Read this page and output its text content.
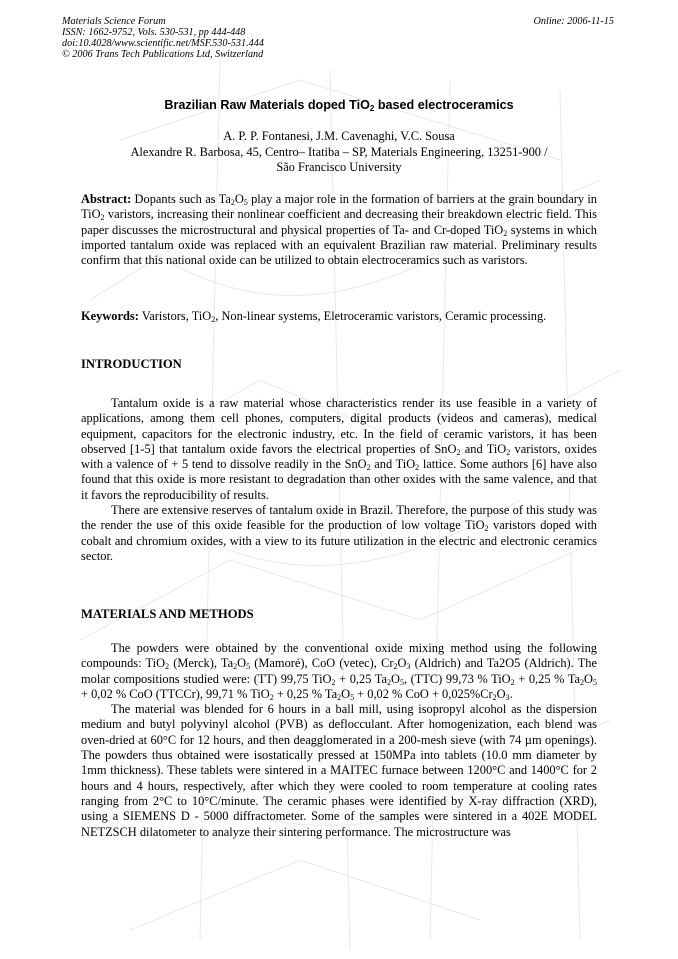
Materials Science Forum
ISSN: 1662-9752, Vols. 530-531, pp 444-448
doi:10.4028/www.scientific.net/MSF.530-531.444
© 2006 Trans Tech Publications Ltd, Switzerland
Online: 2006-11-15
Brazilian Raw Materials doped TiO$_2$ based electroceramics
A. P. P. Fontanesi, J.M. Cavenaghi, V.C. Sousa
Alexandre R. Barbosa, 45, Centro– Itatiba – SP, Materials Engineering, 13251-900 /
São Francisco University
Abstract: Dopants such as $Ta_2O_5$ play a major role in the formation of barriers at the grain boundary in TiO$_2$ varistors, increasing their nonlinear coefficient and decreasing their breakdown electric field. This paper discusses the microstructural and physical properties of Ta- and Cr-doped TiO$_2$ systems in which imported tantalum oxide was replaced with an equivalent Brazilian raw material. Preliminary results confirm that this national oxide can be utilized to obtain electroceramics such as varistors.
Keywords: Varistors, TiO$_2$, Non-linear systems, Eletroceramic varistors, Ceramic processing.
INTRODUCTION
Tantalum oxide is a raw material whose characteristics render its use feasible in a variety of applications, among them cell phones, computers, digital products (videos and cameras), medical equipment, capacitors for the electronic industry, etc. In the field of ceramic varistors, it has been observed [1-5] that tantalum oxide favors the electrical properties of SnO$_2$ and TiO$_2$ varistors, oxides with a valence of + 5 tend to dissolve readily in the SnO$_2$ and TiO$_2$ lattice. Some authors [6] have also found that this oxide is more resistant to degradation than other oxides with the same valence, and that it favors the reproducibility of results.
There are extensive reserves of tantalum oxide in Brazil. Therefore, the purpose of this study was the render the use of this oxide feasible for the production of low voltage TiO$_2$ varistors doped with cobalt and chromium oxides, with a view to its future utilization in the electric and electronic ceramics sector.
MATERIALS AND METHODS
The powders were obtained by the conventional oxide mixing method using the following compounds: TiO$_2$ (Merck), $Ta_2O_5$ (Mamoré), CoO (vetec), $Cr_2O_3$ (Aldrich) and Ta2O5 (Aldrich). The molar compositions studied were: (TT) 99,75 TiO$_2$ + 0,25 $Ta_2O_5$, (TTC) 99,73 % TiO$_2$ + 0,25 % $Ta_2O_5 + 0,02$ % CoO (TTCCr), 99,71 % TiO$_2$ + 0,25 % $Ta_2O_5 + 0,02$ % CoO + $0,025\%Cr_2O_3$.
The material was blended for 6 hours in a ball mill, using isopropyl alcohol as the dispersion medium and butyl polyvinyl alcohol (PVB) as deflocculant. After homogenization, each blend was oven-dried at 60°C for 12 hours, and then deagglomerated in a 200-mesh sieve (with 74 µm openings). The powders thus obtained were isostatically pressed at 150MPa into tablets (10.0 mm diameter by 1mm thickness). These tablets were sintered in a MAITEC furnace between 1200°C and 1400°C for 2 hours and 4 hours, respectively, after which they were cooled to room temperature at cooling rates ranging from 2°C to 10°C/minute. The ceramic phases were identified by X-ray diffraction (XRD), using a SIEMENS D - 5000 diffractometer. Some of the samples were sintered in a 402E MODEL NETZSCH dilatometer to analyze their sintering performance. The microstructure was
